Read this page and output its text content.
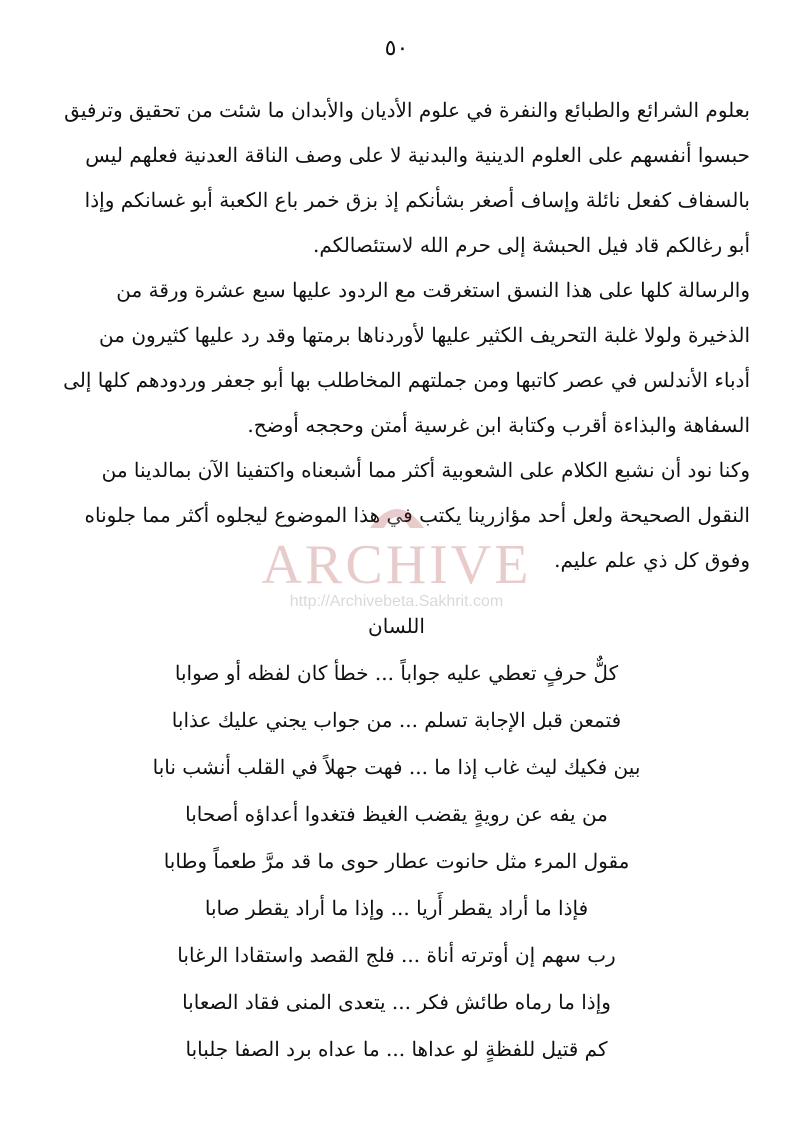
٥٠

بعلوم الشرائع والطبائع والنفرة في علوم الأديان والأبدان ما شئت من تحقيق وترفيق
حبسوا أنفسهم على العلوم الدينية والبدنية لا على وصف الناقة العدنية فعلهم ليس
بالسفاف كفعل نائلة وإساف أصغر بشأنكم إذ بزق خمر باع الكعبة أبو غسانكم وإذا
أبو رغالكم قاد فيل الحبشة إلى حرم الله لاستئصالكم.

والرسالة كلها على هذا النسق استغرقت مع الردود عليها سبع عشرة ورقة من
الذخيرة ولولا غلبة التحريف الكثير عليها لأوردناها برمتها وقد رد عليها كثيرون من
أدباء الأندلس في عصر كاتبها ومن جملتهم المخاطلب بها أبو جعفر وردودهم كلها إلى
السفاهة والبذاءة أقرب وكتابة ابن غرسية أمتن وحججه أوضح.

وكنا نود أن نشبع الكلام على الشعوبية أكثر مما أشبعناه واكتفينا الآن بمالدينا من
النقول الصحيحة ولعل أحد مؤازرينا يكتب في هذا الموضوع ليجلوه أكثر مما جلوناه
وفوق كل ذي علم عليم.

ARCHIVE
http://Archivebeta.Sakhrit.com
اللسان
كلٌّ حرفٍ تعطي عليه جواباً ... خطأ كان لفظه أو صوابا
فتمعن قبل الإجابة تسلم ... من جواب يجني عليك عذابا
بين فكيك ليث غاب إذا ما ... فهت جهلاً في القلب أنشب نابا
من يفه عن رويةٍ يقضب الغيظ فتغدوا أعداؤه أصحابا
مقول المرء مثل حانوت عطار حوى ما قد مرَّ طعماً وطابا
فإذا ما أراد يقطر أَريا ... وإذا ما أراد يقطر صابا
رب سهم إن أوترته أناة ... فلج القصد واستقادا الرغابا
وإذا ما رماه طائش فكر ... يتعدى المنى فقاد الصعابا
كم قتيل للفظةٍ لو عداها ... ما عداه برد الصفا جلبابا
